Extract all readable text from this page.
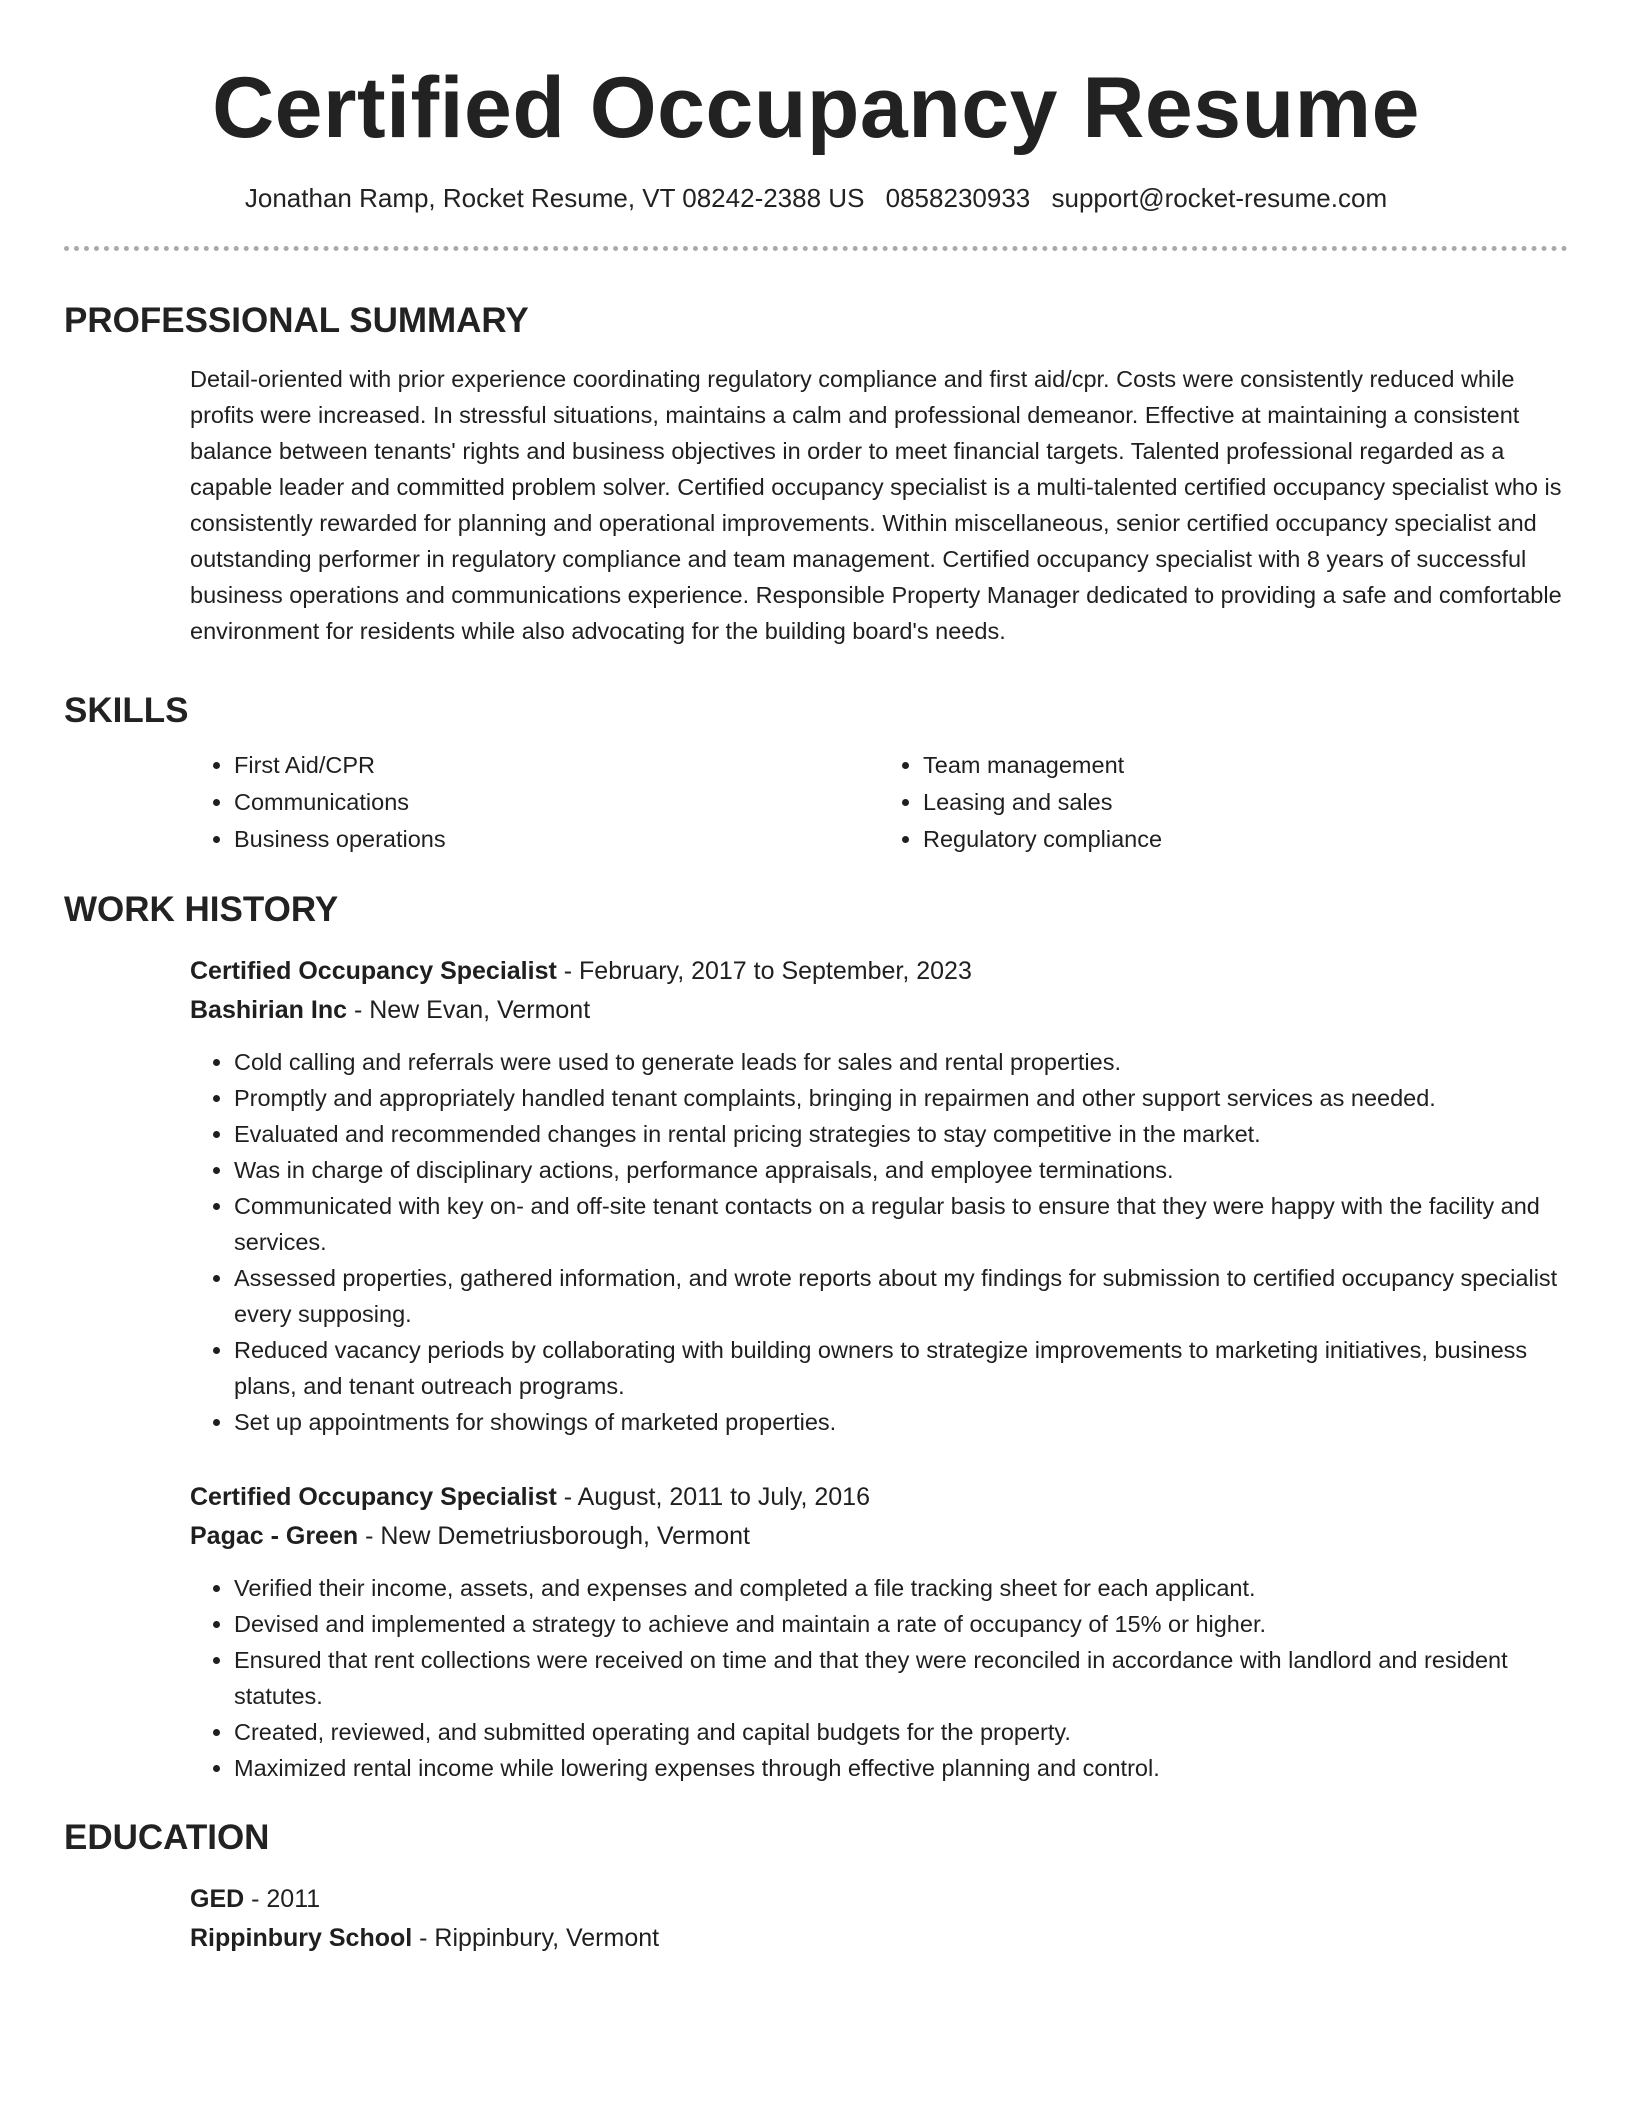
Certified Occupancy Resume
Jonathan Ramp, Rocket Resume, VT 08242-2388 US 0858230933 support@rocket-resume.com
PROFESSIONAL SUMMARY

Detail-oriented with prior experience coordinating regulatory compliance and first aid/cpr. Costs were consistently reduced while profits were increased. In stressful situations, maintains a calm and professional demeanor. Effective at maintaining a consistent balance between tenants' rights and business objectives in order to meet financial targets. Talented professional regarded as a capable leader and committed problem solver. Certified occupancy specialist is a multi-talented certified occupancy specialist who is consistently rewarded for planning and operational improvements. Within miscellaneous, senior certified occupancy specialist and outstanding performer in regulatory compliance and team management. Certified occupancy specialist with 8 years of successful business operations and communications experience. Responsible Property Manager dedicated to providing a safe and comfortable environment for residents while also advocating for the building board's needs.

SKILLS
• First Aid/CPR
• Communications
• Business operations
• Team management
• Leasing and sales
• Regulatory compliance
WORK HISTORY
Certified Occupancy Specialist - February, 2017 to September, 2023
Bashirian Inc - New Evan, Vermont
• Cold calling and referrals were used to generate leads for sales and rental properties.
• Promptly and appropriately handled tenant complaints, bringing in repairmen and other support services as needed.
• Evaluated and recommended changes in rental pricing strategies to stay competitive in the market.
• Was in charge of disciplinary actions, performance appraisals, and employee terminations.
• Communicated with key on- and off-site tenant contacts on a regular basis to ensure that they were happy with the facility and services.
• Assessed properties, gathered information, and wrote reports about my findings for submission to certified occupancy specialist every supposing.
• Reduced vacancy periods by collaborating with building owners to strategize improvements to marketing initiatives, business plans, and tenant outreach programs.
• Set up appointments for showings of marketed properties.
Certified Occupancy Specialist - August, 2011 to July, 2016
Pagac - Green - New Demetriusborough, Vermont
• Verified their income, assets, and expenses and completed a file tracking sheet for each applicant.
• Devised and implemented a strategy to achieve and maintain a rate of occupancy of 15% or higher.
• Ensured that rent collections were received on time and that they were reconciled in accordance with landlord and resident statutes.
• Created, reviewed, and submitted operating and capital budgets for the property.
• Maximized rental income while lowering expenses through effective planning and control.
EDUCATION
GED - 2011
Rippinbury School - Rippinbury, Vermont
